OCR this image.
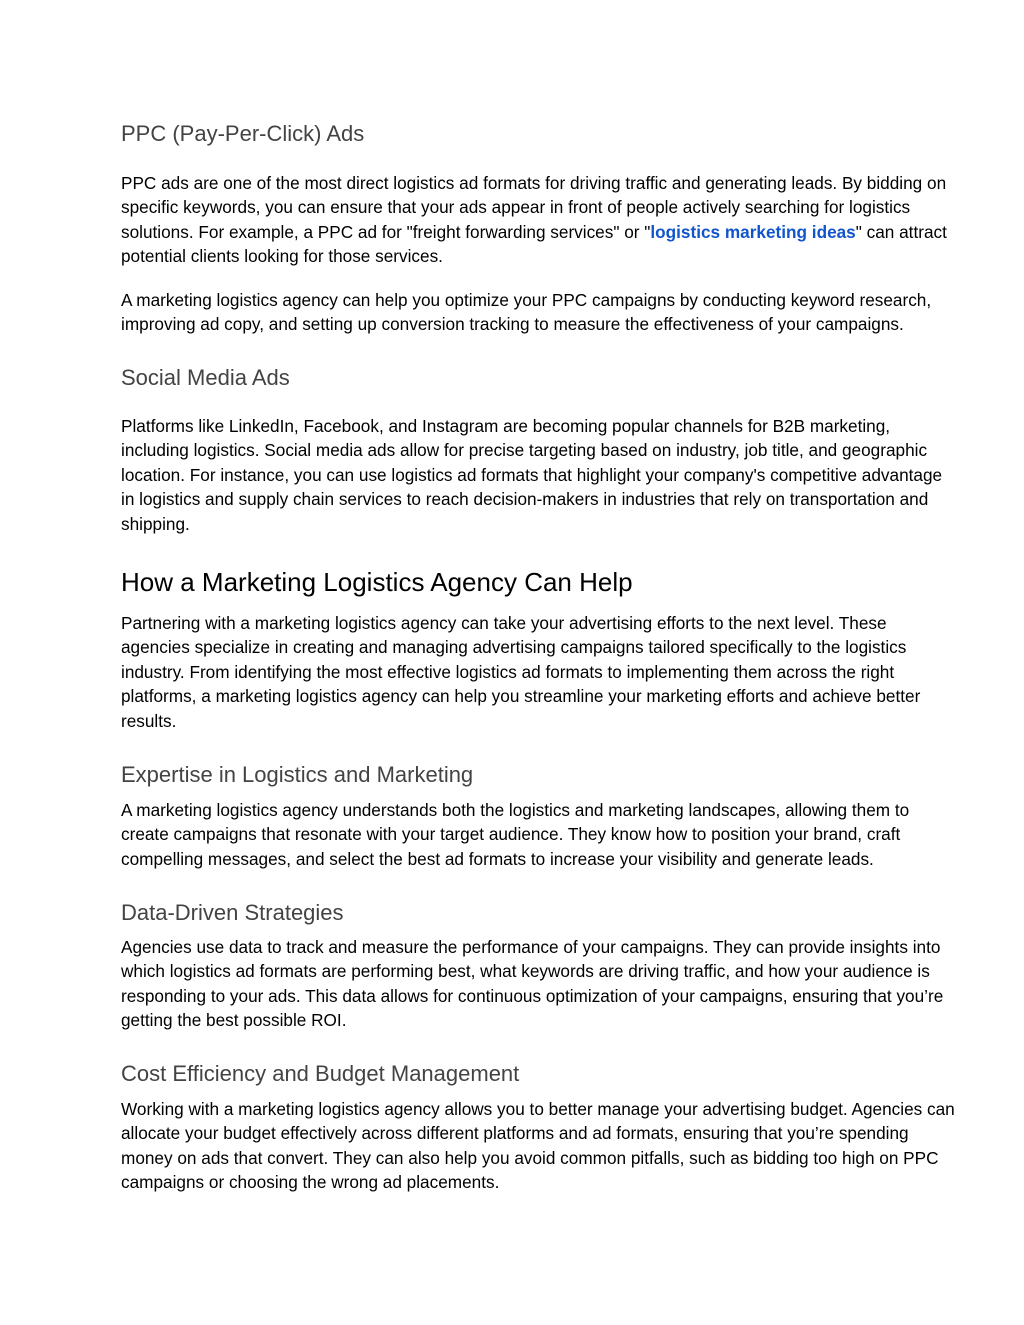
PPC (Pay-Per-Click) Ads

PPC ads are one of the most direct logistics ad formats for driving traffic and generating leads. By bidding on
specific keywords, you can ensure that your ads appear in front of people actively searching for logistics
solutions. For example, a PPC ad for "freight forwarding services" or "logistics marketing ideas" can attract
potential clients looking for those services.

A marketing logistics agency can help you optimize your PPC campaigns by conducting keyword research,
improving ad copy, and setting up conversion tracking to measure the effectiveness of your campaigns.

Social Media Ads

Platforms like LinkedIn, Facebook, and Instagram are becoming popular channels for B2B marketing,
including logistics. Social media ads allow for precise targeting based on industry, job title, and geographic
location. For instance, you can use logistics ad formats that highlight your company's competitive advantage
in logistics and supply chain services to reach decision-makers in industries that rely on transportation and
shipping.

How a Marketing Logistics Agency Can Help

Partnering with a marketing logistics agency can take your advertising efforts to the next level. These
agencies specialize in creating and managing advertising campaigns tailored specifically to the logistics
industry. From identifying the most effective logistics ad formats to implementing them across the right
platforms, a marketing logistics agency can help you streamline your marketing efforts and achieve better
results.

Expertise in Logistics and Marketing

A marketing logistics agency understands both the logistics and marketing landscapes, allowing them to
create campaigns that resonate with your target audience. They know how to position your brand, craft
compelling messages, and select the best ad formats to increase your visibility and generate leads.

Data-Driven Strategies

Agencies use data to track and measure the performance of your campaigns. They can provide insights into
which logistics ad formats are performing best, what keywords are driving traffic, and how your audience is
responding to your ads. This data allows for continuous optimization of your campaigns, ensuring that you’re
getting the best possible ROI.

Cost Efficiency and Budget Management

Working with a marketing logistics agency allows you to better manage your advertising budget. Agencies can
allocate your budget effectively across different platforms and ad formats, ensuring that you’re spending
money on ads that convert. They can also help you avoid common pitfalls, such as bidding too high on PPC
campaigns or choosing the wrong ad placements.
